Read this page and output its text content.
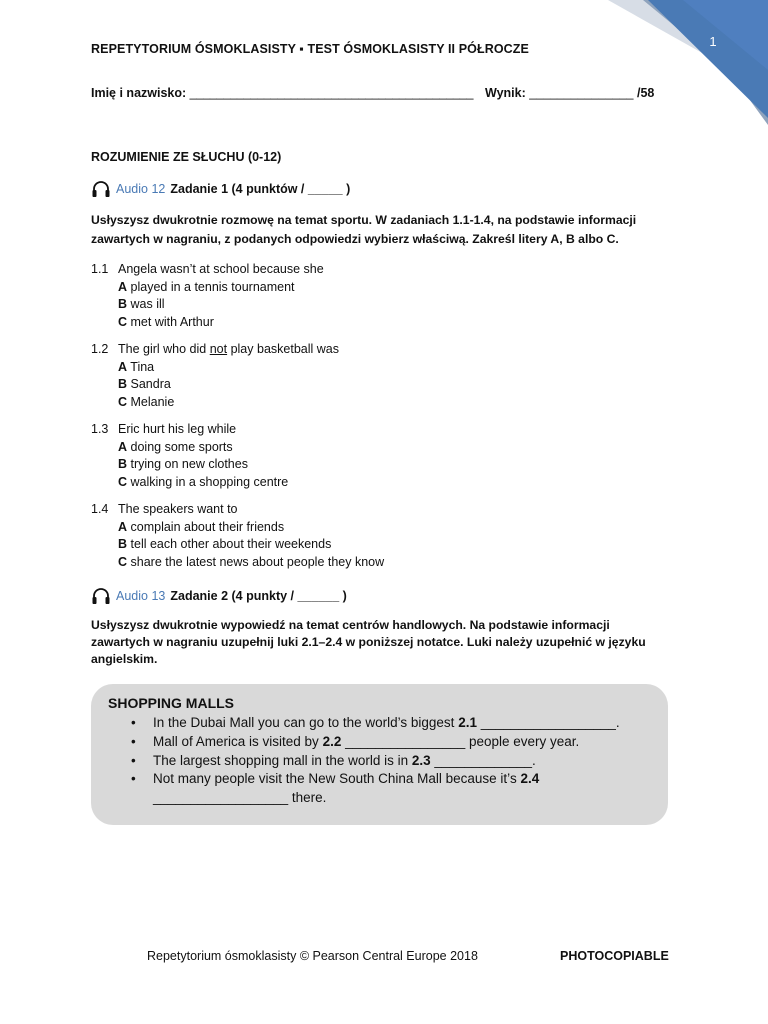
1
REPETYTORIUM ÓSMOKLASISTY ▪ TEST ÓSMOKLASISTY II PÓŁROCZE
Imię i nazwisko: __________________________________________ Wynik: _______________ /58
ROZUMIENIE ZE SŁUCHU (0-12)
Audio 12 Zadanie 1 (4 punktów / _____ )
Usłyszysz dwukrotnie rozmowę na temat sportu. W zadaniach 1.1-1.4, na podstawie informacji zawartych w nagraniu, z podanych odpowiedzi wybierz właściwą. Zakreśl litery A, B albo C.
1.1 Angela wasn’t at school because she
A played in a tennis tournament
B was ill
C met with Arthur
1.2 The girl who did not play basketball was
A Tina
B Sandra
C Melanie
1.3 Eric hurt his leg while
A doing some sports
B trying on new clothes
C walking in a shopping centre
1.4 The speakers want to
A complain about their friends
B tell each other about their weekends
C share the latest news about people they know
Audio 13 Zadanie 2 (4 punkty / ______ )
Usłyszysz dwukrotnie wypowiedź na temat centrów handlowych. Na podstawie informacji zawartych w nagraniu uzupełnij luki 2.1–2.4 w poniższej notatce. Luki należy uzupełnić w języku angielskim.
SHOPPING MALLS
• In the Dubai Mall you can go to the world’s biggest 2.1 __________________.
• Mall of America is visited by 2.2 ________________ people every year.
• The largest shopping mall in the world is in 2.3 _____________.
• Not many people visit the New South China Mall because it’s 2.4 __________________ there.
Repetytorium ósmoklasisty © Pearson Central Europe 2018	PHOTOCOPIABLE
